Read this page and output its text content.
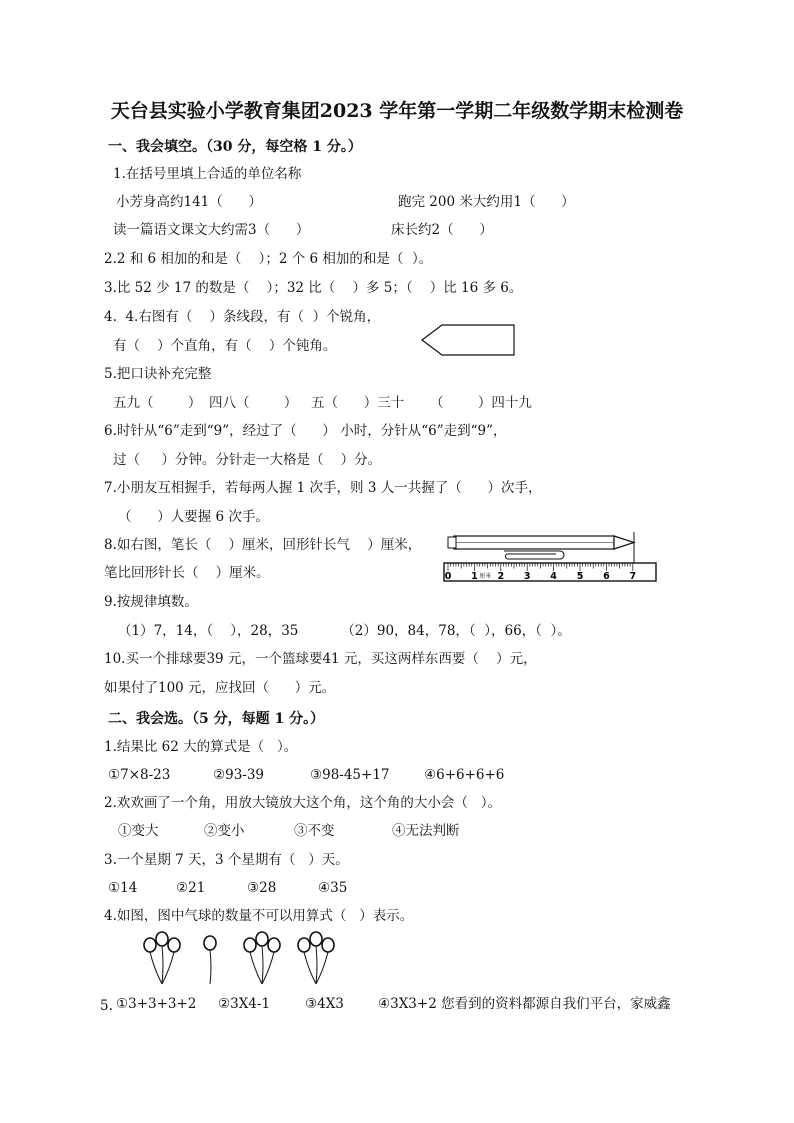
天台县实验小学教育集团2023 学年第一学期二年级数学期末检测卷
一、我会填空。（30 分，每空格 1 分。）
1.在括号里填上合适的单位名称
小芳身高约141（      ）	跑完 200 米大约用1（      ）
读一篇语文课文大约需3（      ）	床长约2（      ）
2.2 和 6 相加的和是（    ）；2 个 6 相加的和是（  ）。
3.比 52 少 17 的数是（    ）；32 比（    ）多 5；（    ）比 16 多 6。
4.  4.右图有（    ）条线段，有（  ）个锐角，
有（    ）个直角，有（    ）个钝角。
5.把口诀补充完整
五九（        ） 四八（        ） 五（      ）三十 （        ）四十九
6.时针从“6”走到“9”，经过了（      ） 小时，分针从“6”走到“9”，
过（     ）分钟。分针走一大格是（    ）分。
7.小朋友互相握手，若每两人握 1 次手，则 3 人一共握了（      ）次手，
（      ）人要握 6 次手。
8.如右图，笔长（    ）厘米，回形针长气    ）厘米，
笔比回形针长（    ）厘米。	0 1 2 3 4 5 6 7
厘米
9.按规律填数。
（1）7，14，（    ），28，35          （2）90，84，78，（  ），66，（  ）。
10.买一个排球要39 元，一个篮球要41 元，买这两样东西要（    ）元，
如果付了100 元，应找回（      ）元。
二、我会选。（5 分，每题 1 分。）
1.结果比 62 大的算式是（   ）。
①7×8-23	②93-39	③98-45+17	④6+6+6+6
2.欢欢画了一个角，用放大镜放大这个角，这个角的大小会（   ）。
①变大	②变小	③不变	④无法判断
3.一个星期 7 天，3 个星期有（   ）天。
①14	②21	③28	④35
4.如图，图中气球的数量不可以用算式（   ）表示。
5. ①3+3+3+2 ②3X4-1	③4X3	④3X3+2 您看到的资料都源自我们平台，家威鑫
